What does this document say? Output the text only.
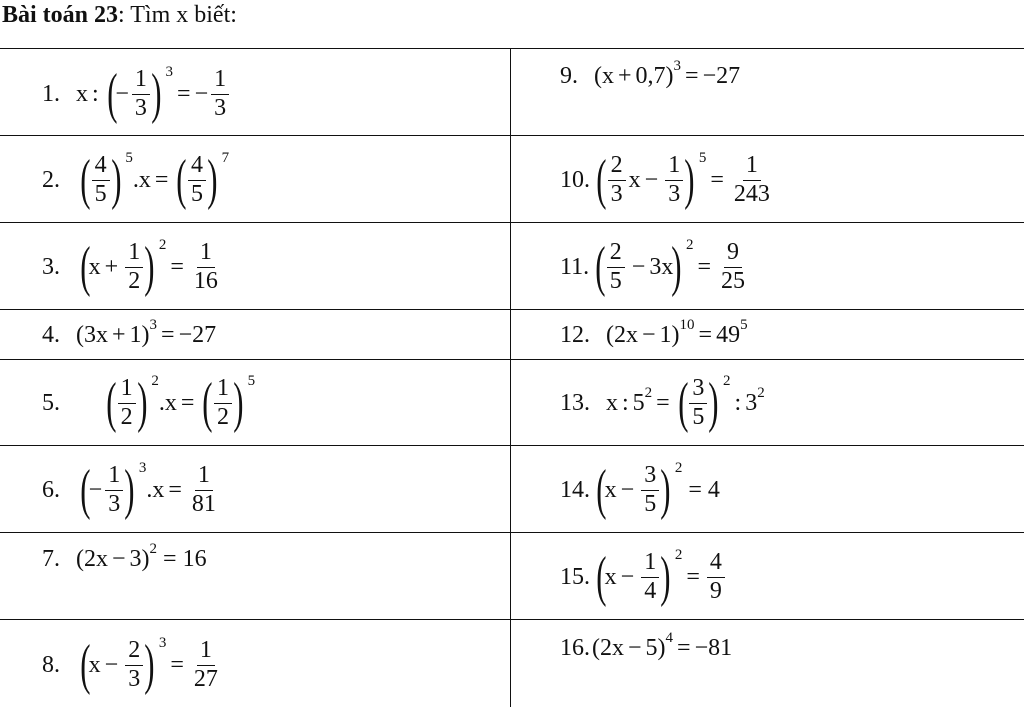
Bài toán 23: Tìm x biết:
1. x : (
− $\frac{1}{3}$ ) $^3$
= − $\frac{1}{3}$
2. ( $\frac{4}{5}$ ) $^5$
.x = ( $\frac{4}{5}$ ) $^7$
3. (
$x + \frac{1}{2}$ ) $^2$
= $\frac{1}{16}$
4. ( 3x + 1 )$^3$ = −27
5. ( $\frac{1}{2}$ ) $^2$
.x = ( $\frac{1}{2}$ ) $^5$
6. (
− $\frac{1}{3}$ ) $^3$
$.x = \frac{1}{81}$
7. ( 2x − 3 )$^2$ = 16
8. (
$x - \frac{2}{3}$ ) $^3$
= $\frac{1}{27}$
9. ( x + 0,7 )$^3$ = −27
10. ( $\frac{2}{3}$ $x - \frac{1}{3}$ ) $^5$
= $\frac{1}{243}$
11. ( $\frac{2}{5} - 3x$
) $^2$
= $\frac{9}{25}$
12. ( 2x − 1 )$^{10} = 49^5$
13. x : $5^2$ = ( $\frac{3}{5}$ ) $^2$
: $3^2$
14. (
$x - \frac{3}{5}$ ) $^2$
= 4
15. (
$x - \frac{1}{4}$ ) $^2$
= $\frac{4}{9}$
16. ( 2x − 5 )$^4$ = −81
